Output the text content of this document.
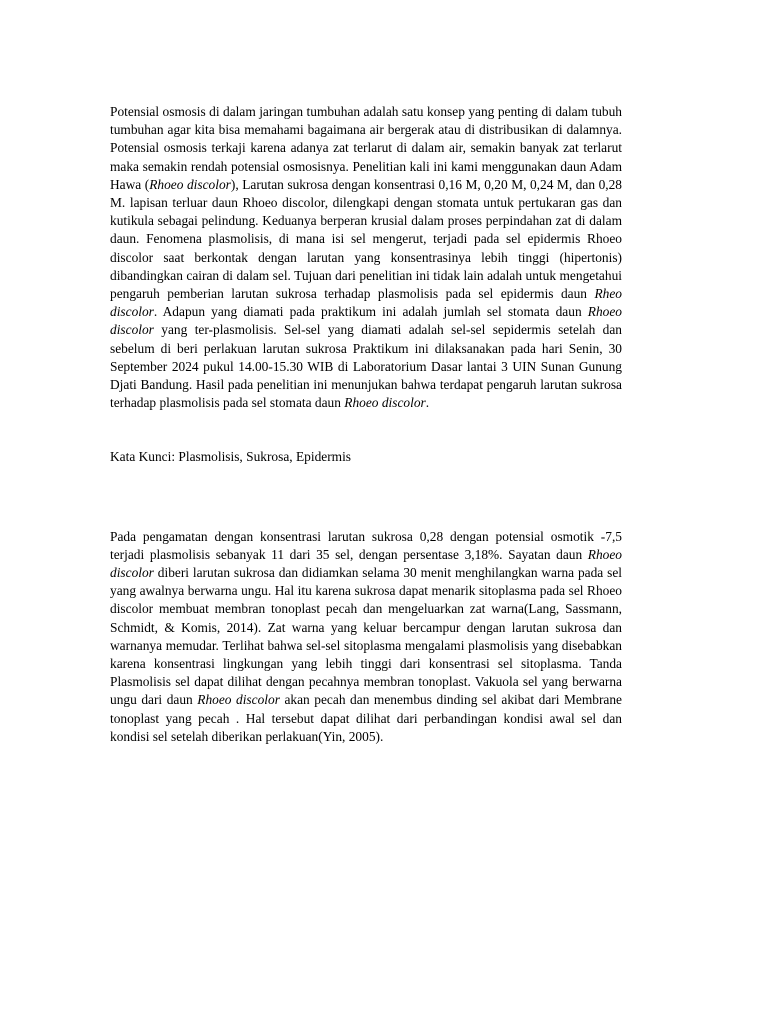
Potensial osmosis di dalam jaringan tumbuhan adalah satu konsep yang penting di dalam tubuh tumbuhan agar kita bisa memahami bagaimana air bergerak atau di distribusikan di dalamnya. Potensial osmosis terkaji karena adanya zat terlarut di dalam air, semakin banyak zat terlarut maka semakin rendah potensial osmosisnya. Penelitian kali ini kami menggunakan daun Adam Hawa (Rhoeo discolor), Larutan sukrosa dengan konsentrasi 0,16 M, 0,20 M, 0,24 M, dan 0,28 M. lapisan terluar daun Rhoeo discolor, dilengkapi dengan stomata untuk pertukaran gas dan kutikula sebagai pelindung. Keduanya berperan krusial dalam proses perpindahan zat di dalam daun. Fenomena plasmolisis, di mana isi sel mengerut, terjadi pada sel epidermis Rhoeo discolor saat berkontak dengan larutan yang konsentrasinya lebih tinggi (hipertonis) dibandingkan cairan di dalam sel. Tujuan dari penelitian ini tidak lain adalah untuk mengetahui pengaruh pemberian larutan sukrosa terhadap plasmolisis pada sel epidermis daun Rheo discolor. Adapun yang diamati pada praktikum ini adalah jumlah sel stomata daun Rhoeo discolor yang ter-plasmolisis. Sel-sel yang diamati adalah sel-sel sepidermis setelah dan sebelum di beri perlakuan larutan sukrosa Praktikum ini dilaksanakan pada hari Senin, 30 September 2024 pukul 14.00-15.30 WIB di Laboratorium Dasar lantai 3 UIN Sunan Gunung Djati Bandung. Hasil pada penelitian ini menunjukan bahwa terdapat pengaruh larutan sukrosa terhadap plasmolisis pada sel stomata daun Rhoeo discolor.

Kata Kunci: Plasmolisis, Sukrosa, Epidermis

Pada pengamatan dengan konsentrasi larutan sukrosa 0,28 dengan potensial osmotik -7,5 terjadi plasmolisis sebanyak 11 dari 35 sel, dengan persentase 3,18%. Sayatan daun Rhoeo discolor diberi larutan sukrosa dan didiamkan selama 30 menit menghilangkan warna pada sel yang awalnya berwarna ungu. Hal itu karena sukrosa dapat menarik sitoplasma pada sel Rhoeo discolor membuat membran tonoplast pecah dan mengeluarkan zat warna(Lang, Sassmann, Schmidt, & Komis, 2014). Zat warna yang keluar bercampur dengan larutan sukrosa dan warnanya memudar. Terlihat bahwa sel-sel sitoplasma mengalami plasmolisis yang disebabkan karena konsentrasi lingkungan yang lebih tinggi dari konsentrasi sel sitoplasma. Tanda Plasmolisis sel dapat dilihat dengan pecahnya membran tonoplast. Vakuola sel yang berwarna ungu dari daun Rhoeo discolor akan pecah dan menembus dinding sel akibat dari Membrane tonoplast yang pecah . Hal tersebut dapat dilihat dari perbandingan kondisi awal sel dan kondisi sel setelah diberikan perlakuan(Yin, 2005).
